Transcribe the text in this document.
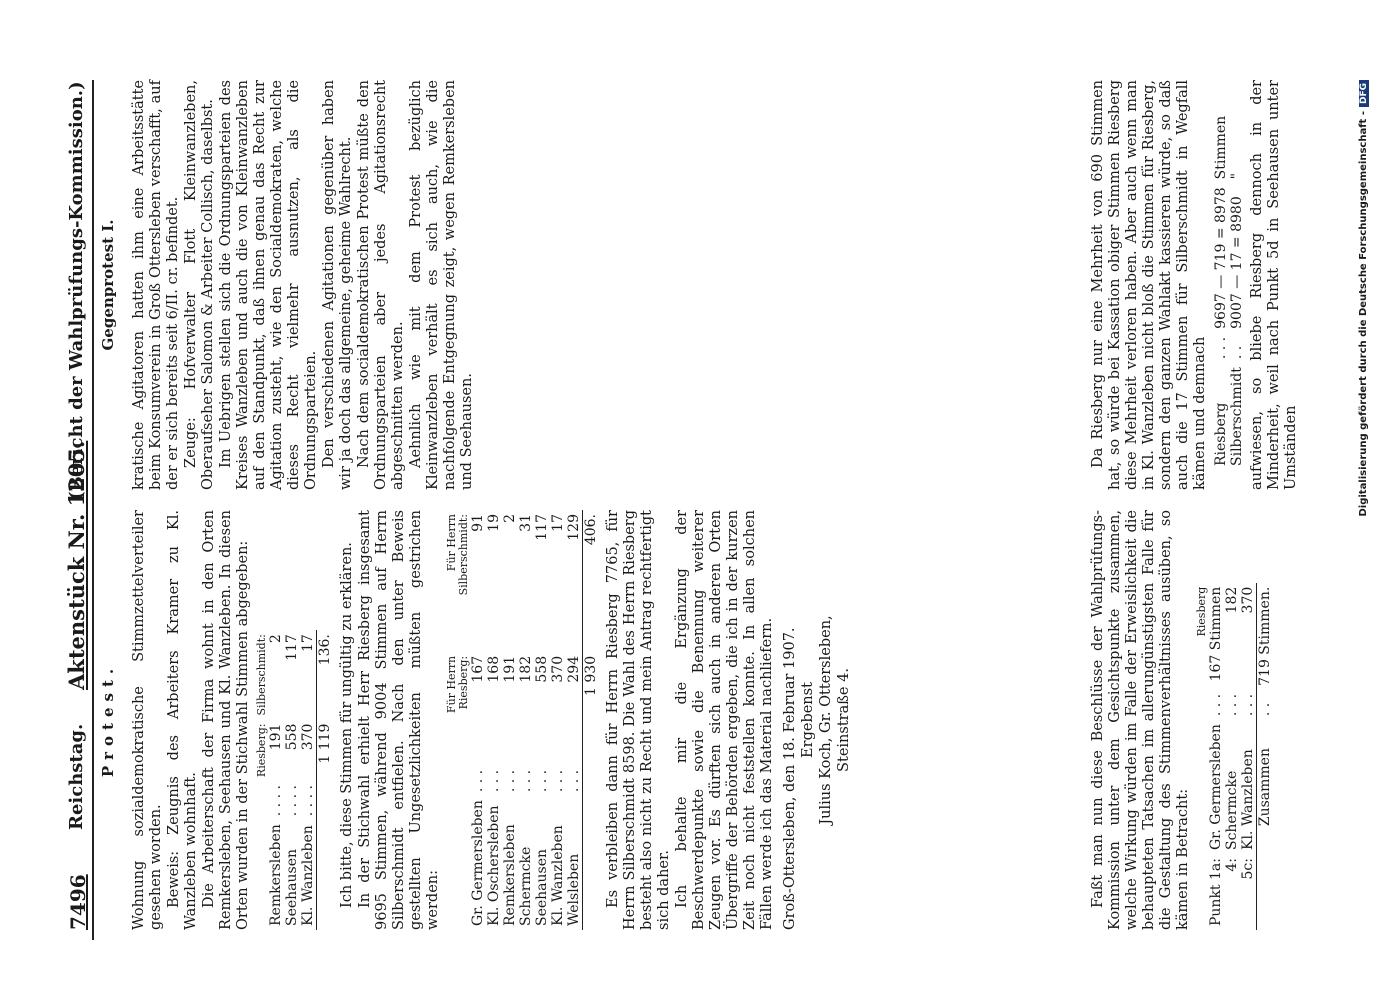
7496
Reichstag.
Aktenstück Nr. 1205.
(Bericht der Wahlprüfungs-Kommission.)
Protest. Wohnung sozialdemokratische Stimmzettelverteiler gesehen worden. Beweis: Zeugnis des Arbeiters Kramer zu Kl. Wanzleben wohnhaft. Die Arbeiterschaft der Firma wohnt in den Orten Remkersleben, Seehausen und Kl. Wanzleben. In diesen Orten wurden in der Stichwahl Stimmen abgegeben:

		Riesberg:	Silberschmidt:
Remkersleben	. . . .	191	2
Seehausen	. . . .	558	117
Kl. Wanzleben	. . . .	370	17
		1 119	136. Ich bitte, diese Stimmen für ungültig zu erklären. In der Stichwahl erhielt Herr Riesberg insgesamt 9695 Stimmen, während 9004 Stimmen auf Herrn Silberschmidt entfielen. Nach den unter Beweis gestellten Ungesetzlichkeiten müßten gestrichen werden:

		Für Herrn Riesberg:	Für Herrn Silberschmidt:
Gr. Germersleben	. . .	167	91
Kl. Oschersleben	. . .	168	19
Remkersleben	. . .	191	2
Schermcke	. . .	182	31
Seehausen	. . .	558	117
Kl. Wanzleben	. . .	370	17
Welsleben	. . .	294	129
		1 930	406. Es verbleiben dann für Herrn Riesberg 7765, für Herrn Silberschmidt 8598. Die Wahl des Herrn Riesberg besteht also nicht zu Recht und mein Antrag rechtfertigt sich daher. Ich behalte mir die Ergänzung der Beschwerdepunkte sowie die Benennung weiterer Zeugen vor. Es dürften sich auch in anderen Orten Übergriffe der Behörden ergeben, die ich in der kurzen Zeit noch nicht feststellen konnte. In allen solchen Fällen werde ich das Material nachliefern. Groß-Ottersleben, den 18. Februar 1907. Ergebenst Julius Koch, Gr. Ottersleben, Steinstraße 4.

Gegenprotest I. kratische Agitatoren hatten ihm eine Arbeitsstätte beim Konsumverein in Groß Ottersleben verschafft, auf der er sich bereits seit 6/II. cr. befindet. Zeuge: Hofverwalter Flott Kleinwanzleben, Oberaufseher Salomon & Arbeiter Collisch, daselbst. Im Uebrigen stellen sich die Ordnungsparteien des Kreises Wanzleben und auch die von Kleinwanzleben auf den Standpunkt, daß ihnen genau das Recht zur Agitation zusteht, wie den Socialdemokraten, welche dieses Recht vielmehr ausnutzen, als die Ordnungsparteien. Den verschiedenen Agitationen gegenüber haben wir ja doch das allgemeine, geheime Wahlrecht. Nach dem socialdemokratischen Protest müßte den Ordnungsparteien aber jedes Agitationsrecht abgeschnitten werden. Aehnlich wie mit dem Protest bezüglich Kleinwanzleben verhält es sich auch, wie die nachfolgende Entgegnung zeigt, wegen Remkersleben und Seehausen.

Faßt man nun diese Beschlüsse der Wahlprüfungs-Kommission unter dem Gesichtspunkte zusammen, welche Wirkung würden im Falle der Erweislichkeit die behaupteten Tatsachen im allerungünstigsten Falle für die Gestaltung des Stimmenverhältnisses ausüben, so kämen in Betracht:

			Riesberg
Punkt 1a:	Gr. Germersleben	. . .	167 Stimmen
4:	Schermcke	. . .	182
5c:	Kl. Wanzleben	. . .	370
	Zusammen	. .	719 Stimmen.

Da Riesberg nur eine Mehrheit von 690 Stimmen hat, so würde bei Kassation obiger Stimmen Riesberg diese Mehrheit verloren haben. Aber auch wenn man in Kl. Wanzleben nicht bloß die Stimmen für Riesberg, sondern den ganzen Wahlakt kassieren würde, so daß auch die 17 Stimmen für Silberschmidt in Wegfall kämen und demnach Riesberg	. . .	9697 — 719 = 8978	Stimmen
Silberschmidt	. .	9007 — 17 = 8980	" aufwiesen, so bliebe Riesberg dennoch in der Minderheit, weil nach Punkt 5d in Seehausen unter Umständen	Digitalisierung gefördert durch die Deutsche Forschungsgemeinschaft -DFG
